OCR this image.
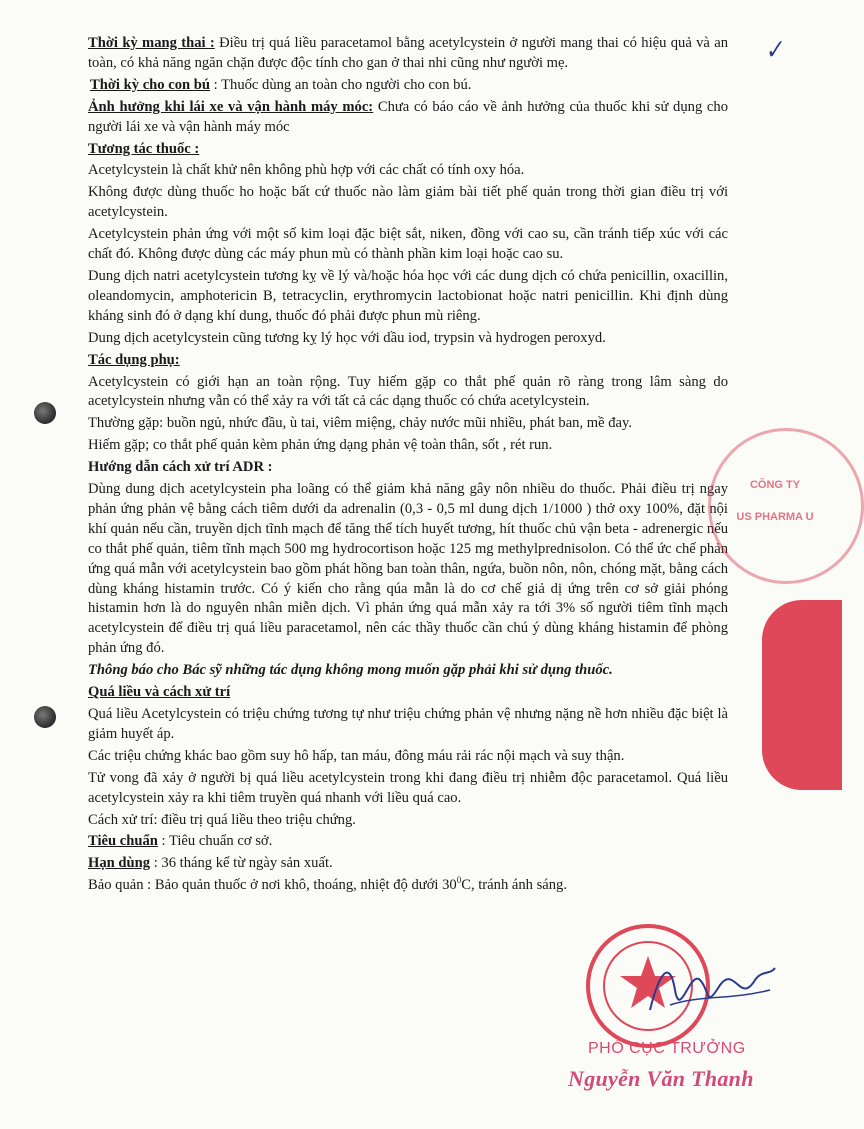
✓

Thời kỳ mang thai : Điều trị quá liều paracetamol bằng acetylcystein ở người mang thai có hiệu quả và an toàn, có khả năng ngăn chặn được độc tính cho gan ở thai nhi cũng như người mẹ.

Thời kỳ cho con bú : Thuốc dùng an toàn cho người cho con bú.

Ảnh hưởng khi lái xe và vận hành máy móc: Chưa có báo cáo về ảnh hưởng của thuốc khi sử dụng cho người lái xe và vận hành máy móc

Tương tác thuốc :

Acetylcystein là chất khử nên không phù hợp với các chất có tính oxy hóa.

Không được dùng thuốc ho hoặc bất cứ thuốc nào làm giảm bài tiết phế quản trong thời gian điều trị với acetylcystein.

Acetylcystein phản ứng với một số kim loại đặc biệt sắt, niken, đồng với cao su, cần tránh tiếp xúc với các chất đó. Không được dùng các máy phun mù có thành phần kim loại hoặc cao su.

Dung dịch natri acetylcystein tương kỵ về lý và/hoặc hóa học với các dung dịch có chứa penicillin, oxacillin, oleandomycin, amphotericin B, tetracyclin, erythromycin lactobionat hoặc natri penicillin. Khi định dùng kháng sinh đó ở dạng khí dung, thuốc đó phải được phun mù riêng.

Dung dịch acetylcystein cũng tương kỵ lý học với dầu iod, trypsin và hydrogen peroxyd.

Tác dụng phụ:

Acetylcystein có giới hạn an toàn rộng. Tuy hiếm gặp co thắt phế quản rõ ràng trong lâm sàng do acetylcystein nhưng vẫn có thể xảy ra với tất cả các dạng thuốc có chứa acetylcystein.

Thường gặp: buồn ngủ, nhức đầu, ù tai, viêm miệng, chảy nước mũi nhiều, phát ban, mề đay.

Hiếm gặp; co thắt phế quản kèm phản ứng dạng phản vệ toàn thân, sốt , rét run.

Hướng dẫn cách xử trí ADR :

Dùng dung dịch acetylcystein pha loãng có thể giảm khả năng gây nôn nhiều do thuốc. Phải điều trị ngay phản ứng phản vệ bằng cách tiêm dưới da adrenalin (0,3 - 0,5 ml dung dịch 1/1000 ) thở oxy 100%, đặt nội khí quản nếu cần, truyền dịch tĩnh mạch để tăng thể tích huyết tương, hít thuốc chủ vận beta - adrenergic nếu co thắt phế quản, tiêm tĩnh mạch 500 mg hydrocortison hoặc 125 mg methylprednisolon. Có thể ức chế phản ứng quá mẫn với acetylcystein bao gồm phát hồng ban toàn thân, ngứa, buồn nôn, nôn, chóng mặt, bằng cách dùng kháng histamin trước. Có ý kiến cho rằng qúa mẫn là do cơ chế giả dị ứng trên cơ sở giải phóng histamin hơn là do nguyên nhân miễn dịch. Vì phản ứng quá mẫn xảy ra tới 3% số người tiêm tĩnh mạch acetylcystein để điều trị quá liều paracetamol, nên các thầy thuốc cần chú ý dùng kháng histamin để phòng phản ứng đó.

Thông báo cho Bác sỹ những tác dụng không mong muốn gặp phải khi sử dụng thuốc.

Quá liều và cách xử trí

Quá liều Acetylcystein có triệu chứng tương tự như triệu chứng phản vệ nhưng nặng nề hơn nhiều đặc biệt là giảm huyết áp.

Các triệu chứng khác bao gồm suy hô hấp, tan máu, đông máu rải rác nội mạch và suy thận.

Tử vong đã xảy ở người bị quá liều acetylcystein trong khi đang điều trị nhiễm độc paracetamol. Quá liều acetylcystein xảy ra khi tiêm truyền quá nhanh với liều quá cao.

Cách xử trí: điều trị quá liều theo triệu chứng.

Tiêu chuẩn : Tiêu chuẩn cơ sở.

Hạn dùng : 36 tháng kể từ ngày sản xuất.

Bảo quản : Bảo quản thuốc ở nơi khô, thoáng, nhiệt độ dưới $30^0C$, tránh ánh sáng.

CÔNG TY
US PHARMA U
PHÓ CỤC TRƯỞNG
Nguyễn Văn Thanh
